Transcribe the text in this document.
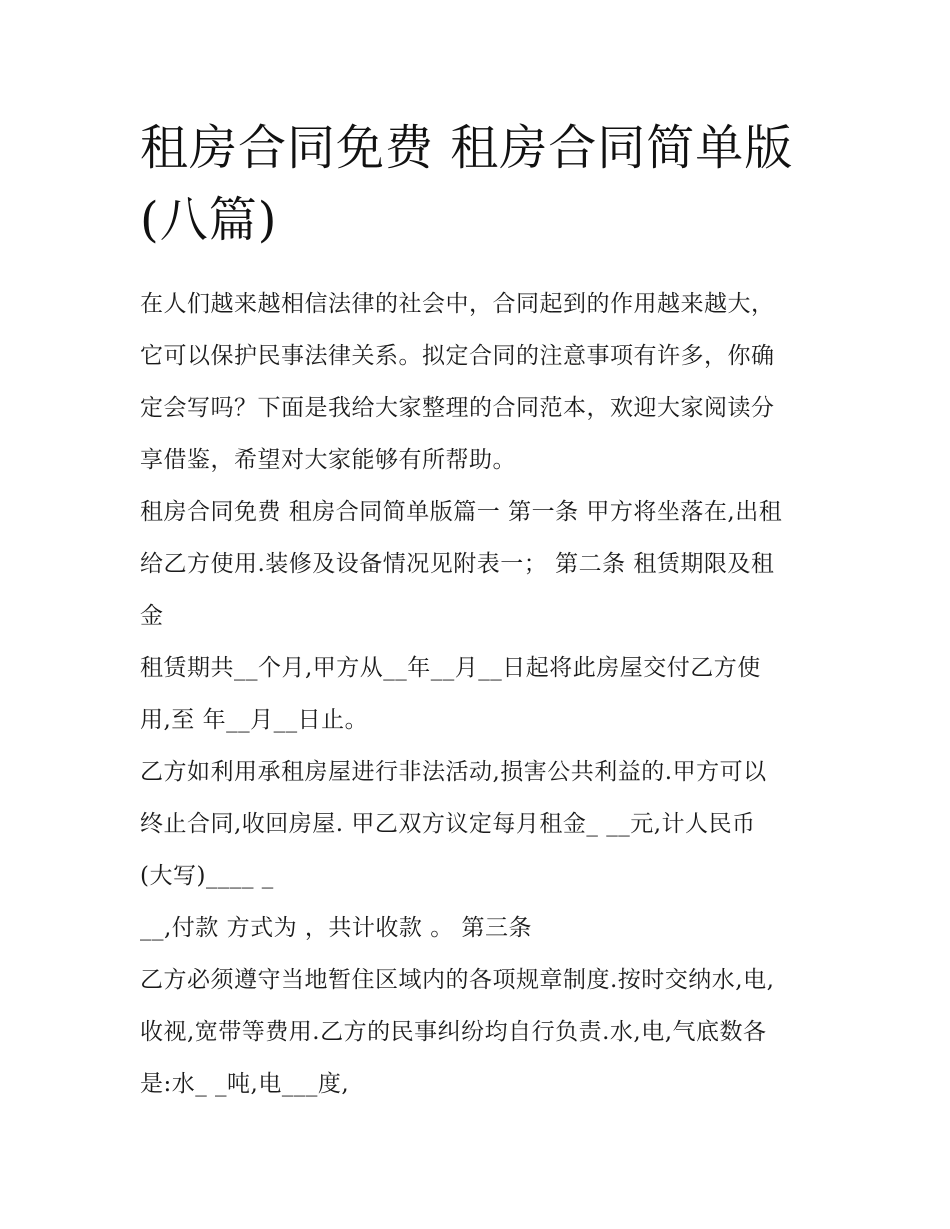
租房合同免费 租房合同简单版
(八篇)

在人们越来越相信法律的社会中，合同起到的作用越来越大，
它可以保护民事法律关系。拟定合同的注意事项有许多，你确
定会写吗？下面是我给大家整理的合同范本，欢迎大家阅读分
享借鉴，希望对大家能够有所帮助。

租房合同免费 租房合同简单版篇一 第一条 甲方将坐落在,出租
给乙方使用.装修及设备情况见附表一； 第二条 租赁期限及租
金

租赁期共__个月,甲方从__年__月__日起将此房屋交付乙方使
用,至 年__月__日止。

乙方如利用承租房屋进行非法活动,损害公共利益的.甲方可以
终止合同,收回房屋. 甲乙双方议定每月租金_ __元,计人民币
(大写)____ _

__,付款 方式为 ，共计收款 。 第三条

乙方必须遵守当地暂住区域内的各项规章制度.按时交纳水,电,
收视,宽带等费用.乙方的民事纠纷均自行负责.水,电,气底数各
是:水_ _吨,电___度,
